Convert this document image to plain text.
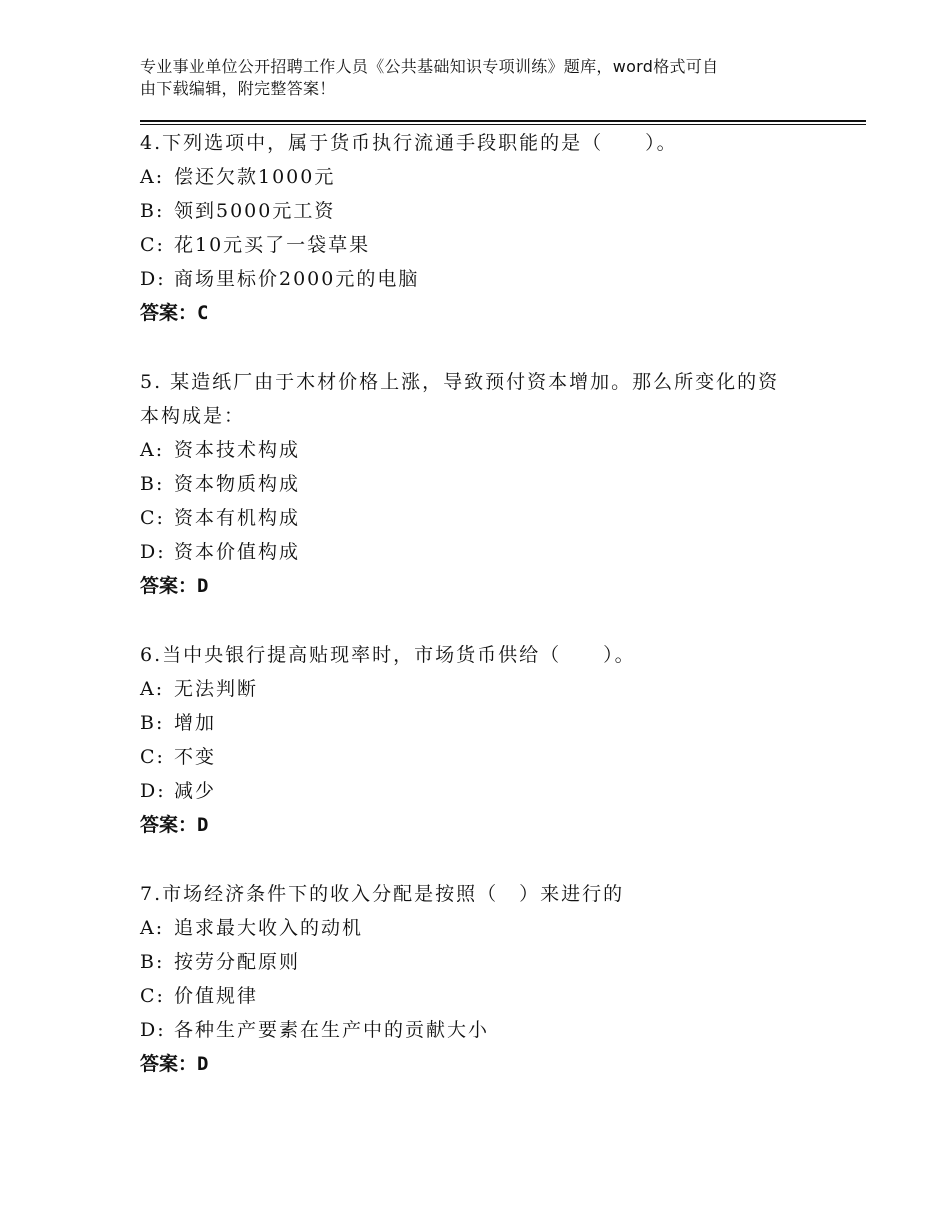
专业事业单位公开招聘工作人员《公共基础知识专项训练》题库，word格式可自
由下载编辑，附完整答案！
4.下列选项中，属于货币执行流通手段职能的是（　　）。
A: 偿还欠款1000元
B: 领到5000元工资
C: 花10元买了一袋草果
D: 商场里标价2000元的电脑
答案：C
5. 某造纸厂由于木材价格上涨，导致预付资本增加。那么所变化的资
本构成是：
A: 资本技术构成
B: 资本物质构成
C: 资本有机构成
D: 资本价值构成
答案：D
6.当中央银行提高贴现率时，市场货币供给（　　）。
A: 无法判断
B: 增加
C: 不变
D: 减少
答案：D
7.市场经济条件下的收入分配是按照（　）来进行的
A: 追求最大收入的动机
B: 按劳分配原则
C: 价值规律
D: 各种生产要素在生产中的贡献大小
答案：D
